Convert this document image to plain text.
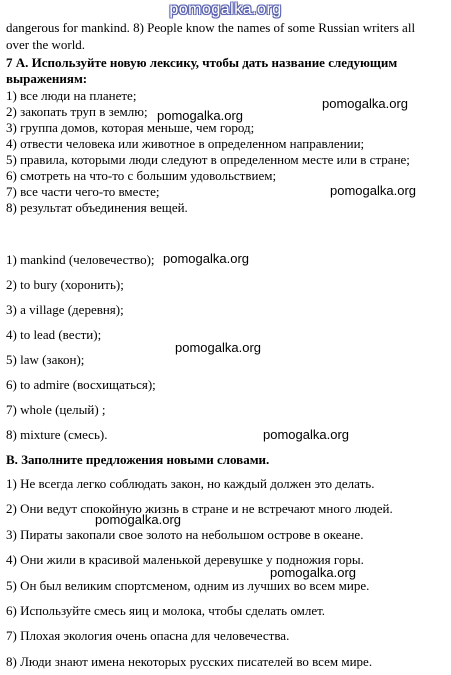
pomogalka.org
dangerous for mankind. 8) People know the names of some Russian writers all
over the world.
7 А. Используйте новую лексику, чтобы дать название следующим
выражениям:
1) все люди на планете;
2) закопать труп в землю;
3) группа домов, которая меньше, чем город;
4) отвести человека или животное в определенном направлении;
5) правила, которыми люди следуют в определенном месте или в стране;
6) смотреть на что-то с большим удовольствием;
7) все части чего-то вместе;
8) результат объединения вещей.
1) mankind (человечество);
2) to bury (хоронить);
3) a village (деревня);
4) to lead (вести);
5) law (закон);
6) to admire (восхищаться);
7) whole (целый) ;
8) mixture (смесь).
B. Заполните предложения новыми словами.
1) Не всегда легко соблюдать закон, но каждый должен это делать.
2) Они ведут спокойную жизнь в стране и не встречают много людей.
3) Пираты закопали свое золото на небольшом острове в океане.
4) Они жили в красивой маленькой деревушке у подножия горы.
5) Он был великим спортсменом, одним из лучших во всем мире.
6) Используйте смесь яиц и молока, чтобы сделать омлет.
7) Плохая экология очень опасна для человечества.
8) Люди знают имена некоторых русских писателей во всем мире.
pomogalka.org
pomogalka.org
pomogalka.org
pomogalka.org
pomogalka.org
pomogalka.org
pomogalka.org
pomogalka.org
